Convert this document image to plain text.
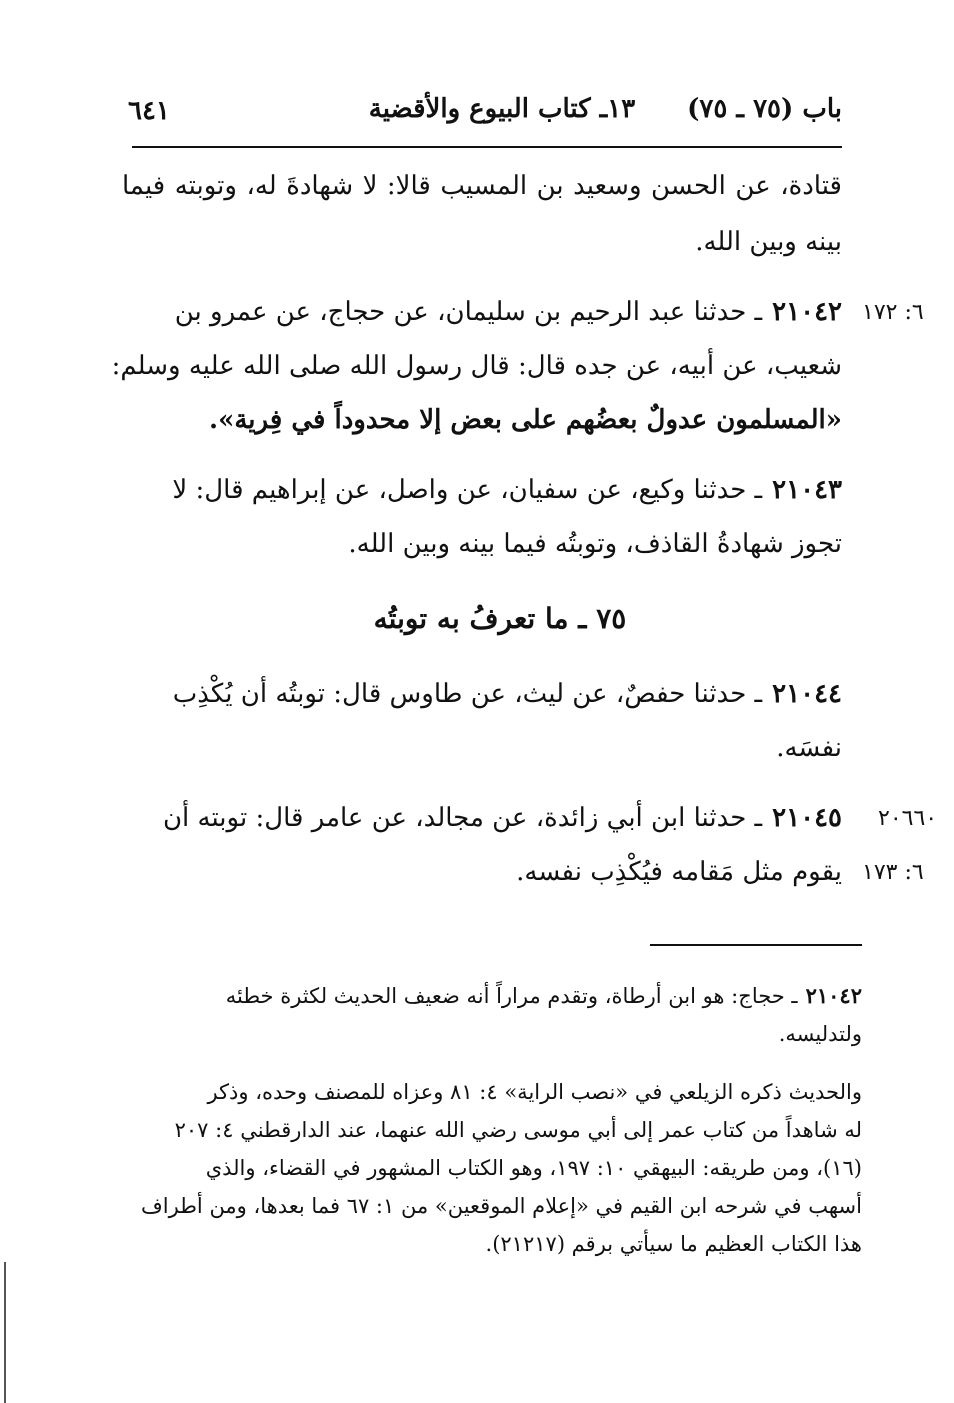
باب (٧٥ ـ ٧٥)
١٣ـ كتاب البيوع والأقضية
٦٤١
قتادة، عن الحسن وسعيد بن المسيب قالا: لا شهادةَ له، وتوبته فيما
بينه وبين الله.
٦: ١٧٢
٢١٠٤٢
ـ حدثنا عبد الرحيم بن سليمان، عن حجاج، عن عمرو بن
شعيب، عن أبيه، عن جده قال: قال رسول الله صلى الله عليه وسلم:
«المسلمون عدولٌ بعضُهم على بعض إلا محدوداً في فِرية».
٢١٠٤٣
ـ حدثنا وكيع، عن سفيان، عن واصل، عن إبراهيم قال: لا
تجوز شهادةُ القاذف، وتوبتُه فيما بينه وبين الله.
٧٥ ـ ما تعرفُ به توبتُه
٢١٠٤٤
ـ حدثنا حفصٌ، عن ليث، عن طاوس قال: توبتُه أن يُكْذِب
نفسَه.
٢٠٦٦٠
٢١٠٤٥
ـ حدثنا ابن أبي زائدة، عن مجالد، عن عامر قال: توبته أن
٦: ١٧٣
يقوم مثل مَقامه فيُكْذِب نفسه.
٢١٠٤٢
ـ حجاج: هو ابن أرطاة، وتقدم مراراً أنه ضعيف الحديث لكثرة خطئه
ولتدليسه.
والحديث ذكره الزيلعي في «نصب الراية» ٤: ٨١ وعزاه للمصنف وحده، وذكر
له شاهداً من كتاب عمر إلى أبي موسى رضي الله عنهما، عند الدارقطني ٤: ٢٠٧
(١٦)، ومن طريقه: البيهقي ١٠: ١٩٧، وهو الكتاب المشهور في القضاء، والذي
أسهب في شرحه ابن القيم في «إعلام الموقعين» من ١: ٦٧ فما بعدها، ومن أطراف
هذا الكتاب العظيم ما سيأتي برقم (٢١٢١٧).
